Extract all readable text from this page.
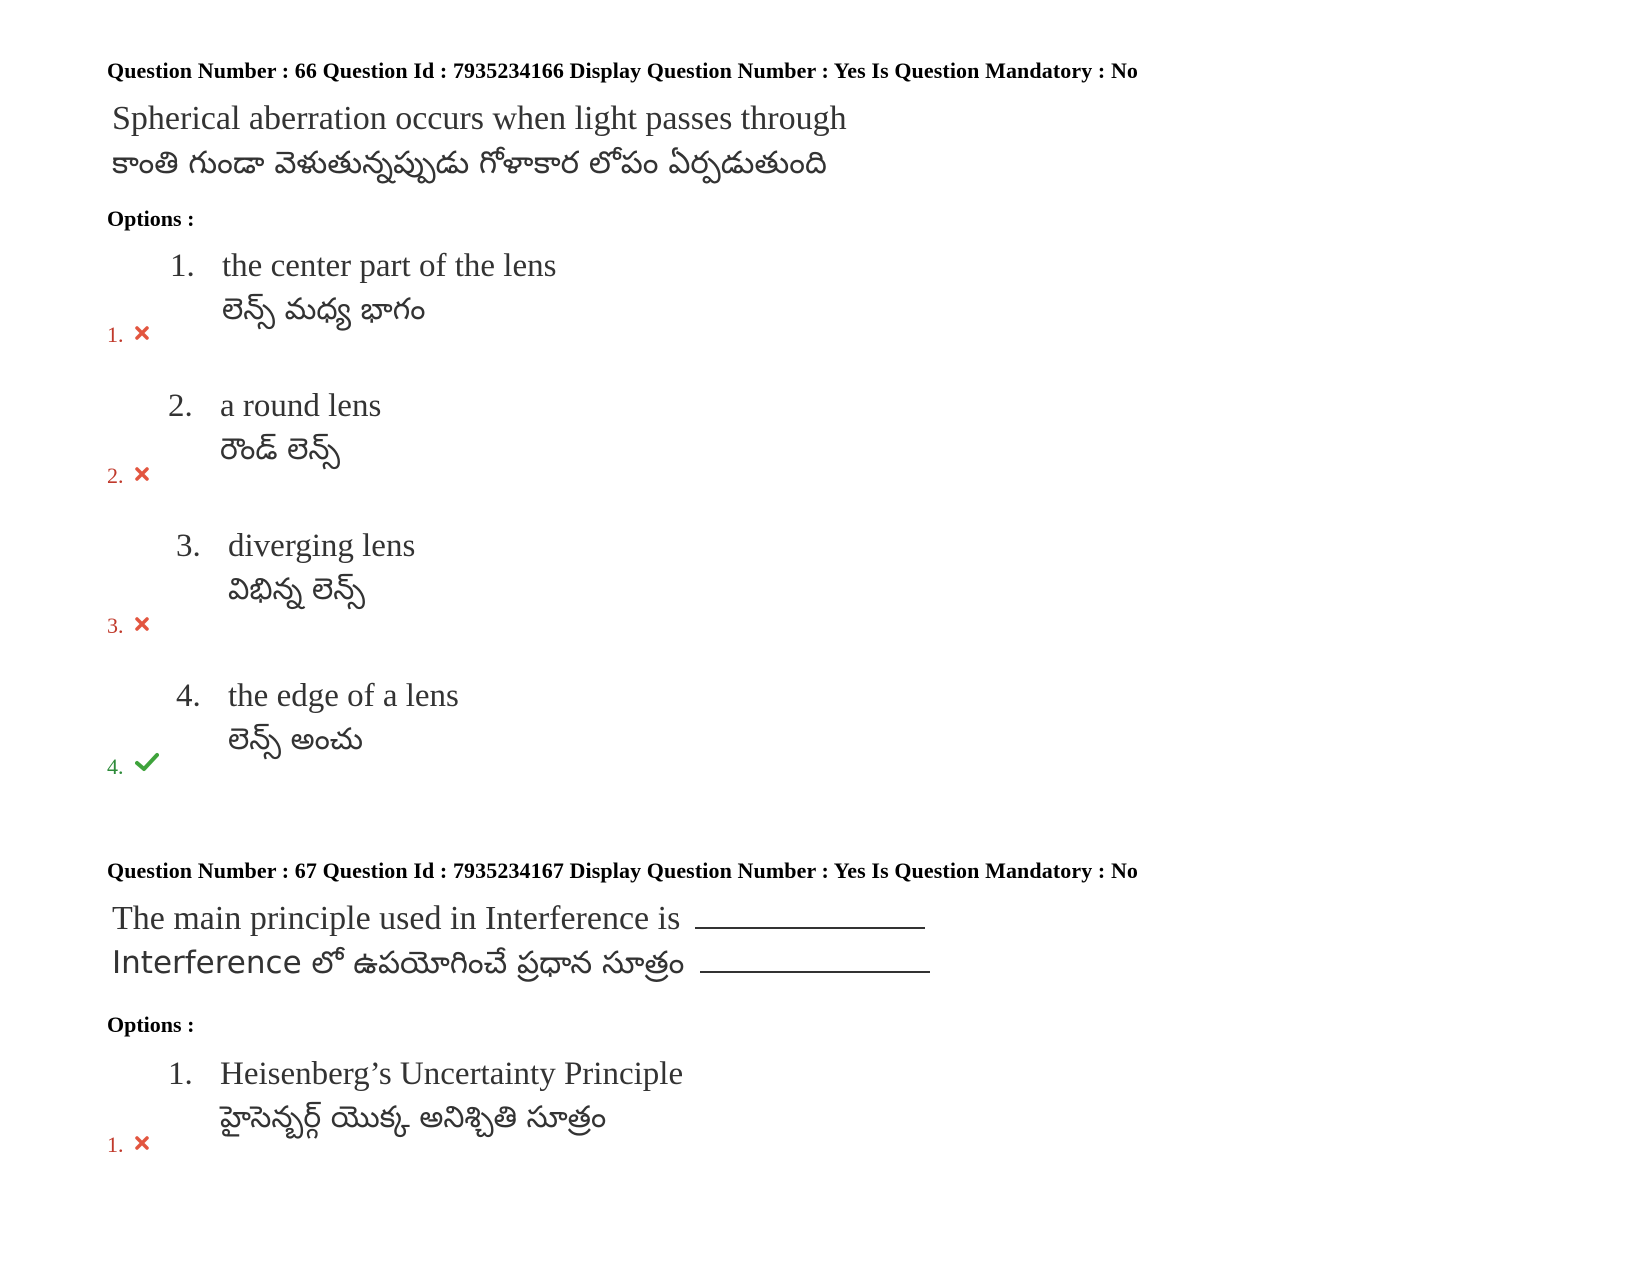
Question Number : 66 Question Id : 7935234166 Display Question Number : Yes Is Question Mandatory : No
Spherical aberration occurs when light passes through
కాంతి గుండా వెళుతున్నప్పుడు గోళాకార లోపం ఏర్పడుతుంది
Options :
1. the center part of the lens
లెన్స్ మధ్య భాగం
1.
2. a round lens
రౌండ్ లెన్స్
2.
3. diverging lens
విభిన్న లెన్స్
3.
4. the edge of a lens
లెన్స్ అంచు
4.
Question Number : 67 Question Id : 7935234167 Display Question Number : Yes Is Question Mandatory : No
The main principle used in Interference is
Interference లో ఉపయోగించే ప్రధాన సూత్రం
Options :
1. Heisenberg’s Uncertainty Principle
హైసెన్బర్గ్ యొక్క అనిశ్చితి సూత్రం
1.
